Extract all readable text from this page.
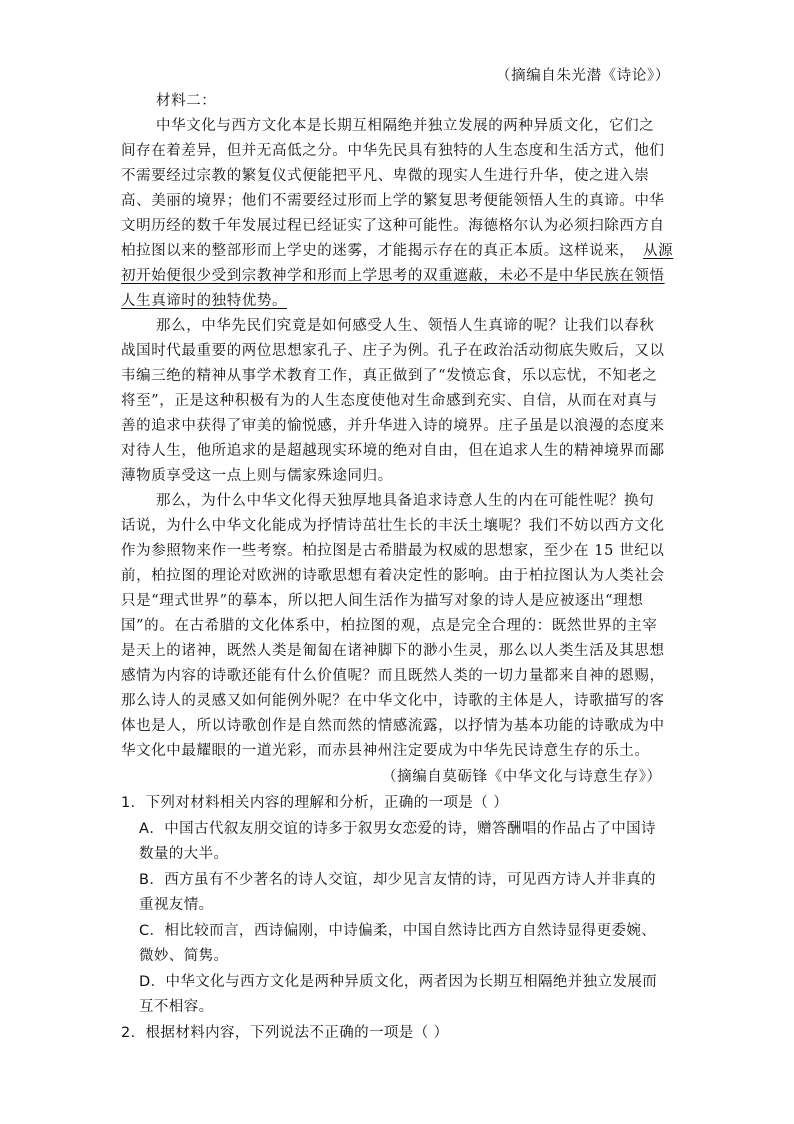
（摘编自朱光潜《诗论》）
材料二：
中华文化与西方文化本是长期互相隔绝并独立发展的两种异质文化，它们之
间存在着差异，但并无高低之分。中华先民具有独特的人生态度和生活方式，他们
不需要经过宗教的繁复仪式便能把平凡、卑微的现实人生进行升华，使之进入崇
高、美丽的境界；他们不需要经过形而上学的繁复思考便能领悟人生的真谛。中华
文明历经的数千年发展过程已经证实了这种可能性。海德格尔认为必须扫除西方自
柏拉图以来的整部形而上学史的迷雾，才能揭示存在的真正本质。这样说来， 从源
初开始便很少受到宗教神学和形而上学思考的双重遮蔽，未必不是中华民族在领悟
人生真谛时的独特优势。
那么，中华先民们究竟是如何感受人生、领悟人生真谛的呢？让我们以春秋
战国时代最重要的两位思想家孔子、庄子为例。孔子在政治活动彻底失败后，又以
韦编三绝的精神从事学术教育工作，真正做到了“发愤忘食，乐以忘忧，不知老之
将至”，正是这种积极有为的人生态度使他对生命感到充实、自信，从而在对真与
善的追求中获得了审美的愉悦感，并升华进入诗的境界。庄子虽是以浪漫的态度来
对待人生，他所追求的是超越现实环境的绝对自由，但在追求人生的精神境界而鄙
薄物质享受这一点上则与儒家殊途同归。
那么，为什么中华文化得天独厚地具备追求诗意人生的内在可能性呢？换句
话说，为什么中华文化能成为抒情诗茁壮生长的丰沃土壤呢？我们不妨以西方文化
作为参照物来作一些考察。柏拉图是古希腊最为权威的思想家，至少在 15 世纪以
前，柏拉图的理论对欧洲的诗歌思想有着决定性的影响。由于柏拉图认为人类社会
只是“理式世界”的摹本，所以把人间生活作为描写对象的诗人是应被逐出“理想
国”的。在古希腊的文化体系中，柏拉图的观，点是完全合理的：既然世界的主宰
是天上的诸神，既然人类是匍匐在诸神脚下的渺小生灵，那么以人类生活及其思想
感情为内容的诗歌还能有什么价值呢？而且既然人类的一切力量都来自神的恩赐，
那么诗人的灵感又如何能例外呢？在中华文化中，诗歌的主体是人，诗歌描写的客
体也是人，所以诗歌创作是自然而然的情感流露，以抒情为基本功能的诗歌成为中
华文化中最耀眼的一道光彩，而赤县神州注定要成为中华先民诗意生存的乐土。
（摘编自莫砺锋《中华文化与诗意生存》）
1．下列对材料相关内容的理解和分析，正确的一项是（ ）
A．中国古代叙友朋交谊的诗多于叙男女恋爱的诗，赠答酬唱的作品占了中国诗
数量的大半。
B．西方虽有不少著名的诗人交谊，却少见言友情的诗，可见西方诗人并非真的
重视友情。
C．相比较而言，西诗偏刚，中诗偏柔，中国自然诗比西方自然诗显得更委婉、
微妙、简隽。
D．中华文化与西方文化是两种异质文化，两者因为长期互相隔绝并独立发展而
互不相容。
2．根据材料内容，下列说法不正确的一项是（ ）
